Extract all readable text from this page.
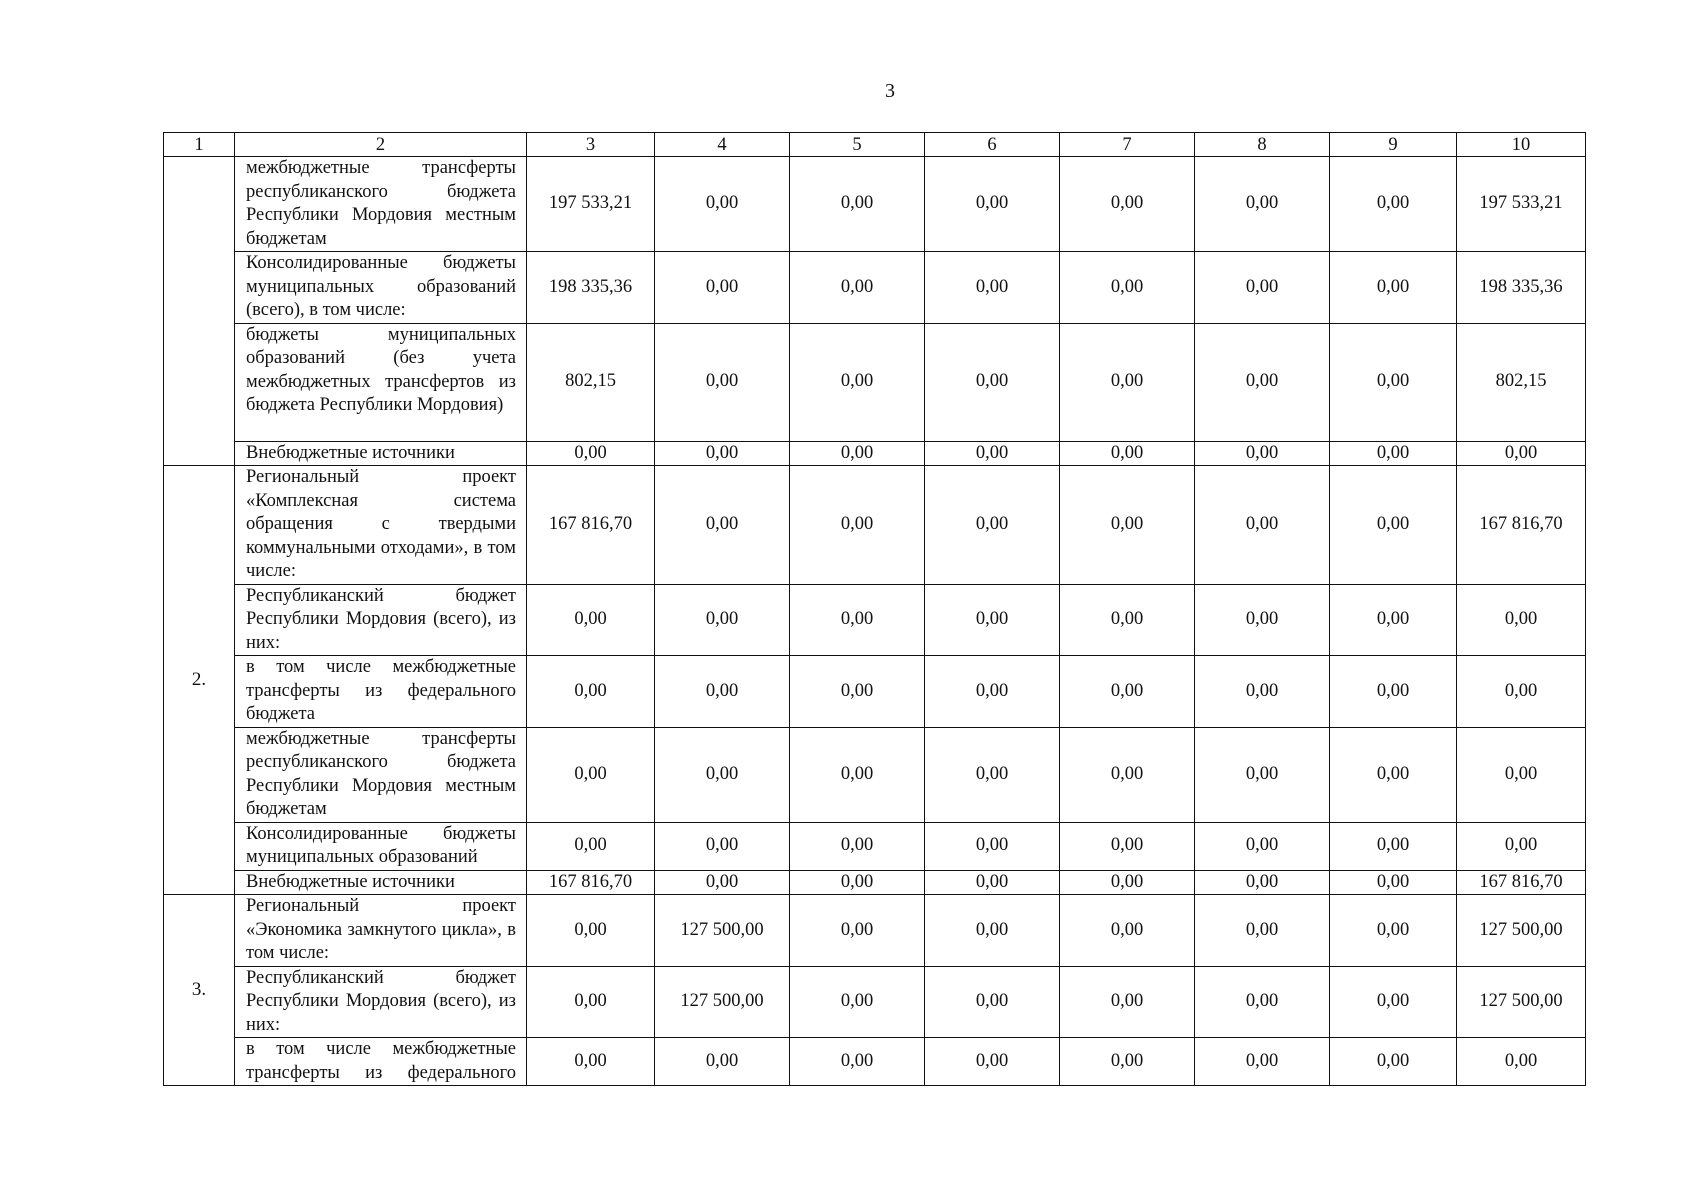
3
1	2	3	4	5	6	7	8	9	10
	межбюджетные трансферты республиканского бюджета Республики Мордовия местным бюджетам	197 533,21	0,00	0,00	0,00	0,00	0,00	0,00	197 533,21
	Консолидированные бюджеты муниципальных образований (всего), в том числе:	198 335,36	0,00	0,00	0,00	0,00	0,00	0,00	198 335,36
	бюджеты муниципальных образований (без учета межбюджетных трансфертов из бюджета Республики Мордовия)	802,15	0,00	0,00	0,00	0,00	0,00	0,00	802,15
	Внебюджетные источники	0,00	0,00	0,00	0,00	0,00	0,00	0,00	0,00
2.	Региональный проект «Комплексная система обращения с твердыми коммунальными отходами», в том числе:	167 816,70	0,00	0,00	0,00	0,00	0,00	0,00	167 816,70
	Республиканский бюджет Республики Мордовия (всего), из них:	0,00	0,00	0,00	0,00	0,00	0,00	0,00	0,00
	в том числе межбюджетные трансферты из федерального бюджета	0,00	0,00	0,00	0,00	0,00	0,00	0,00	0,00
	межбюджетные трансферты республиканского бюджета Республики Мордовия местным бюджетам	0,00	0,00	0,00	0,00	0,00	0,00	0,00	0,00
	Консолидированные бюджеты муниципальных образований	0,00	0,00	0,00	0,00	0,00	0,00	0,00	0,00
	Внебюджетные источники	167 816,70	0,00	0,00	0,00	0,00	0,00	0,00	167 816,70
3.	Региональный проект «Экономика замкнутого цикла», в том числе:	0,00	127 500,00	0,00	0,00	0,00	0,00	0,00	127 500,00
	Республиканский бюджет Республики Мордовия (всего), из них:	0,00	127 500,00	0,00	0,00	0,00	0,00	0,00	127 500,00
	в том числе межбюджетные трансферты из федерального	0,00	0,00	0,00	0,00	0,00	0,00	0,00	0,00
